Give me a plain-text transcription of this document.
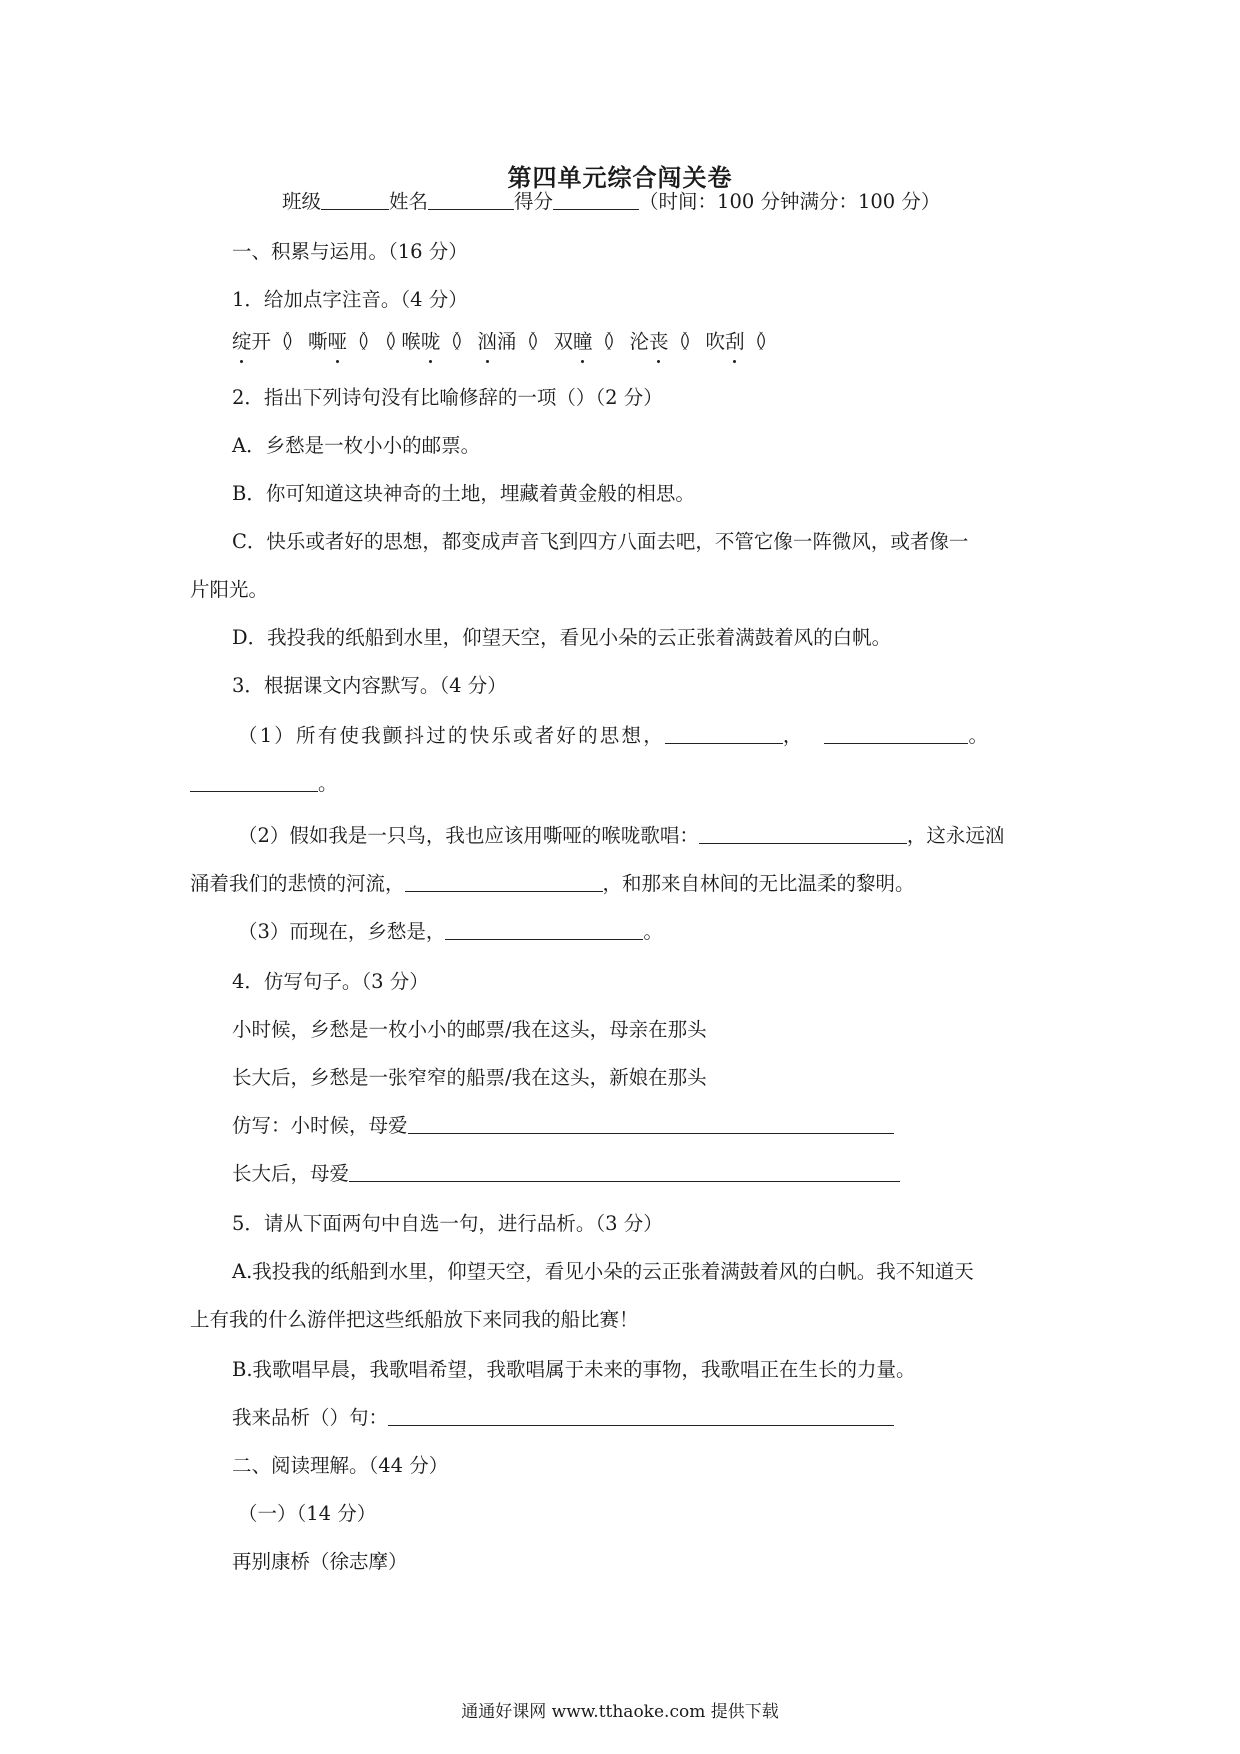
第四单元综合闯关卷
班级	姓名	得分	（时间：100 分钟满分：100 分）
一、积累与运用。（16 分）
1．给加点字注音。（4 分）
绽开（） 嘶哑（） （）喉咙（） 汹涌（） 双瞳（） 沦丧（） 吹刮（）
2．指出下列诗句没有比喻修辞的一项（）（2 分）
A．乡愁是一枚小小的邮票。
B．你可知道这块神奇的土地，埋藏着黄金般的相思。
C．快乐或者好的思想，都变成声音飞到四方八面去吧，不管它像一阵微风，或者像一
片阳光。
D．我投我的纸船到水里，仰望天空，看见小朵的云正张着满鼓着风的白帆。
3．根据课文内容默写。（4 分）
（1）所有使我颤抖过的快乐或者好的思想，	，	。
。
（2）假如我是一只鸟，我也应该用嘶哑的喉咙歌唱：	，这永远汹
涌着我们的悲愤的河流，	，和那来自林间的无比温柔的黎明。
（3）而现在，乡愁是，	。
4．仿写句子。（3 分）
小时候，乡愁是一枚小小的邮票/我在这头，母亲在那头
长大后，乡愁是一张窄窄的船票/我在这头，新娘在那头
仿写：小时候，母爱
长大后，母爱
5．请从下面两句中自选一句，进行品析。（3 分）
A.我投我的纸船到水里，仰望天空，看见小朵的云正张着满鼓着风的白帆。我不知道天
上有我的什么游伴把这些纸船放下来同我的船比赛！
B.我歌唱早晨，我歌唱希望，我歌唱属于未来的事物，我歌唱正在生长的力量。
我来品析（）句：
二、阅读理解。（44 分）
（一）（14 分）
再别康桥（徐志摩）
通通好课网 www.tthaoke.com 提供下载
